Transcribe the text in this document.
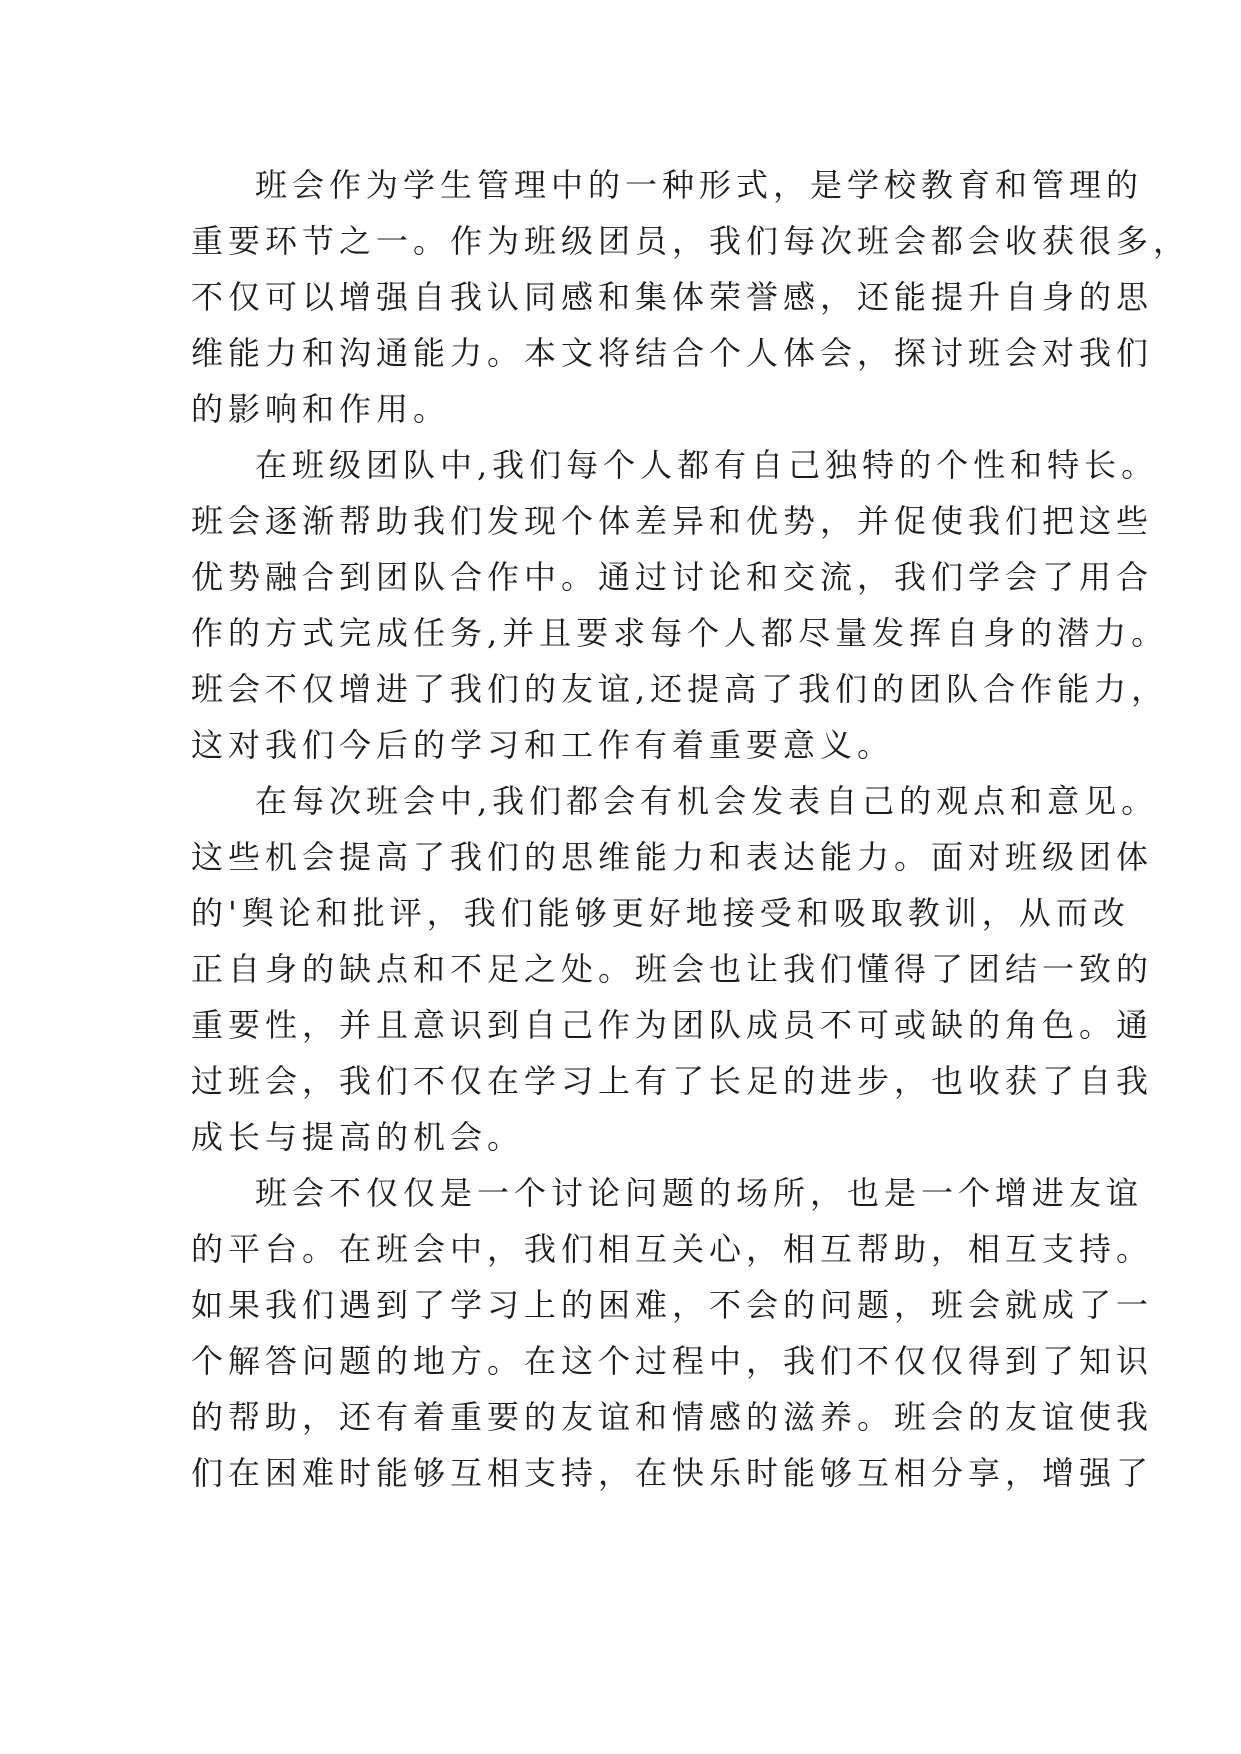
班会作为学生管理中的一种形式，是学校教育和管理的
重要环节之一。作为班级团员，我们每次班会都会收获很多，
不仅可以增强自我认同感和集体荣誉感，还能提升自身的思
维能力和沟通能力。本文将结合个人体会，探讨班会对我们
的影响和作用。
在班级团队中,我们每个人都有自己独特的个性和特长。
班会逐渐帮助我们发现个体差异和优势，并促使我们把这些
优势融合到团队合作中。通过讨论和交流，我们学会了用合
作的方式完成任务,并且要求每个人都尽量发挥自身的潜力。
班会不仅增进了我们的友谊,还提高了我们的团队合作能力，
这对我们今后的学习和工作有着重要意义。
在每次班会中,我们都会有机会发表自己的观点和意见。
这些机会提高了我们的思维能力和表达能力。面对班级团体
的'舆论和批评，我们能够更好地接受和吸取教训，从而改
正自身的缺点和不足之处。班会也让我们懂得了团结一致的
重要性，并且意识到自己作为团队成员不可或缺的角色。通
过班会，我们不仅在学习上有了长足的进步，也收获了自我
成长与提高的机会。
班会不仅仅是一个讨论问题的场所，也是一个增进友谊
的平台。在班会中，我们相互关心，相互帮助，相互支持。
如果我们遇到了学习上的困难，不会的问题，班会就成了一
个解答问题的地方。在这个过程中，我们不仅仅得到了知识
的帮助，还有着重要的友谊和情感的滋养。班会的友谊使我
们在困难时能够互相支持，在快乐时能够互相分享，增强了
